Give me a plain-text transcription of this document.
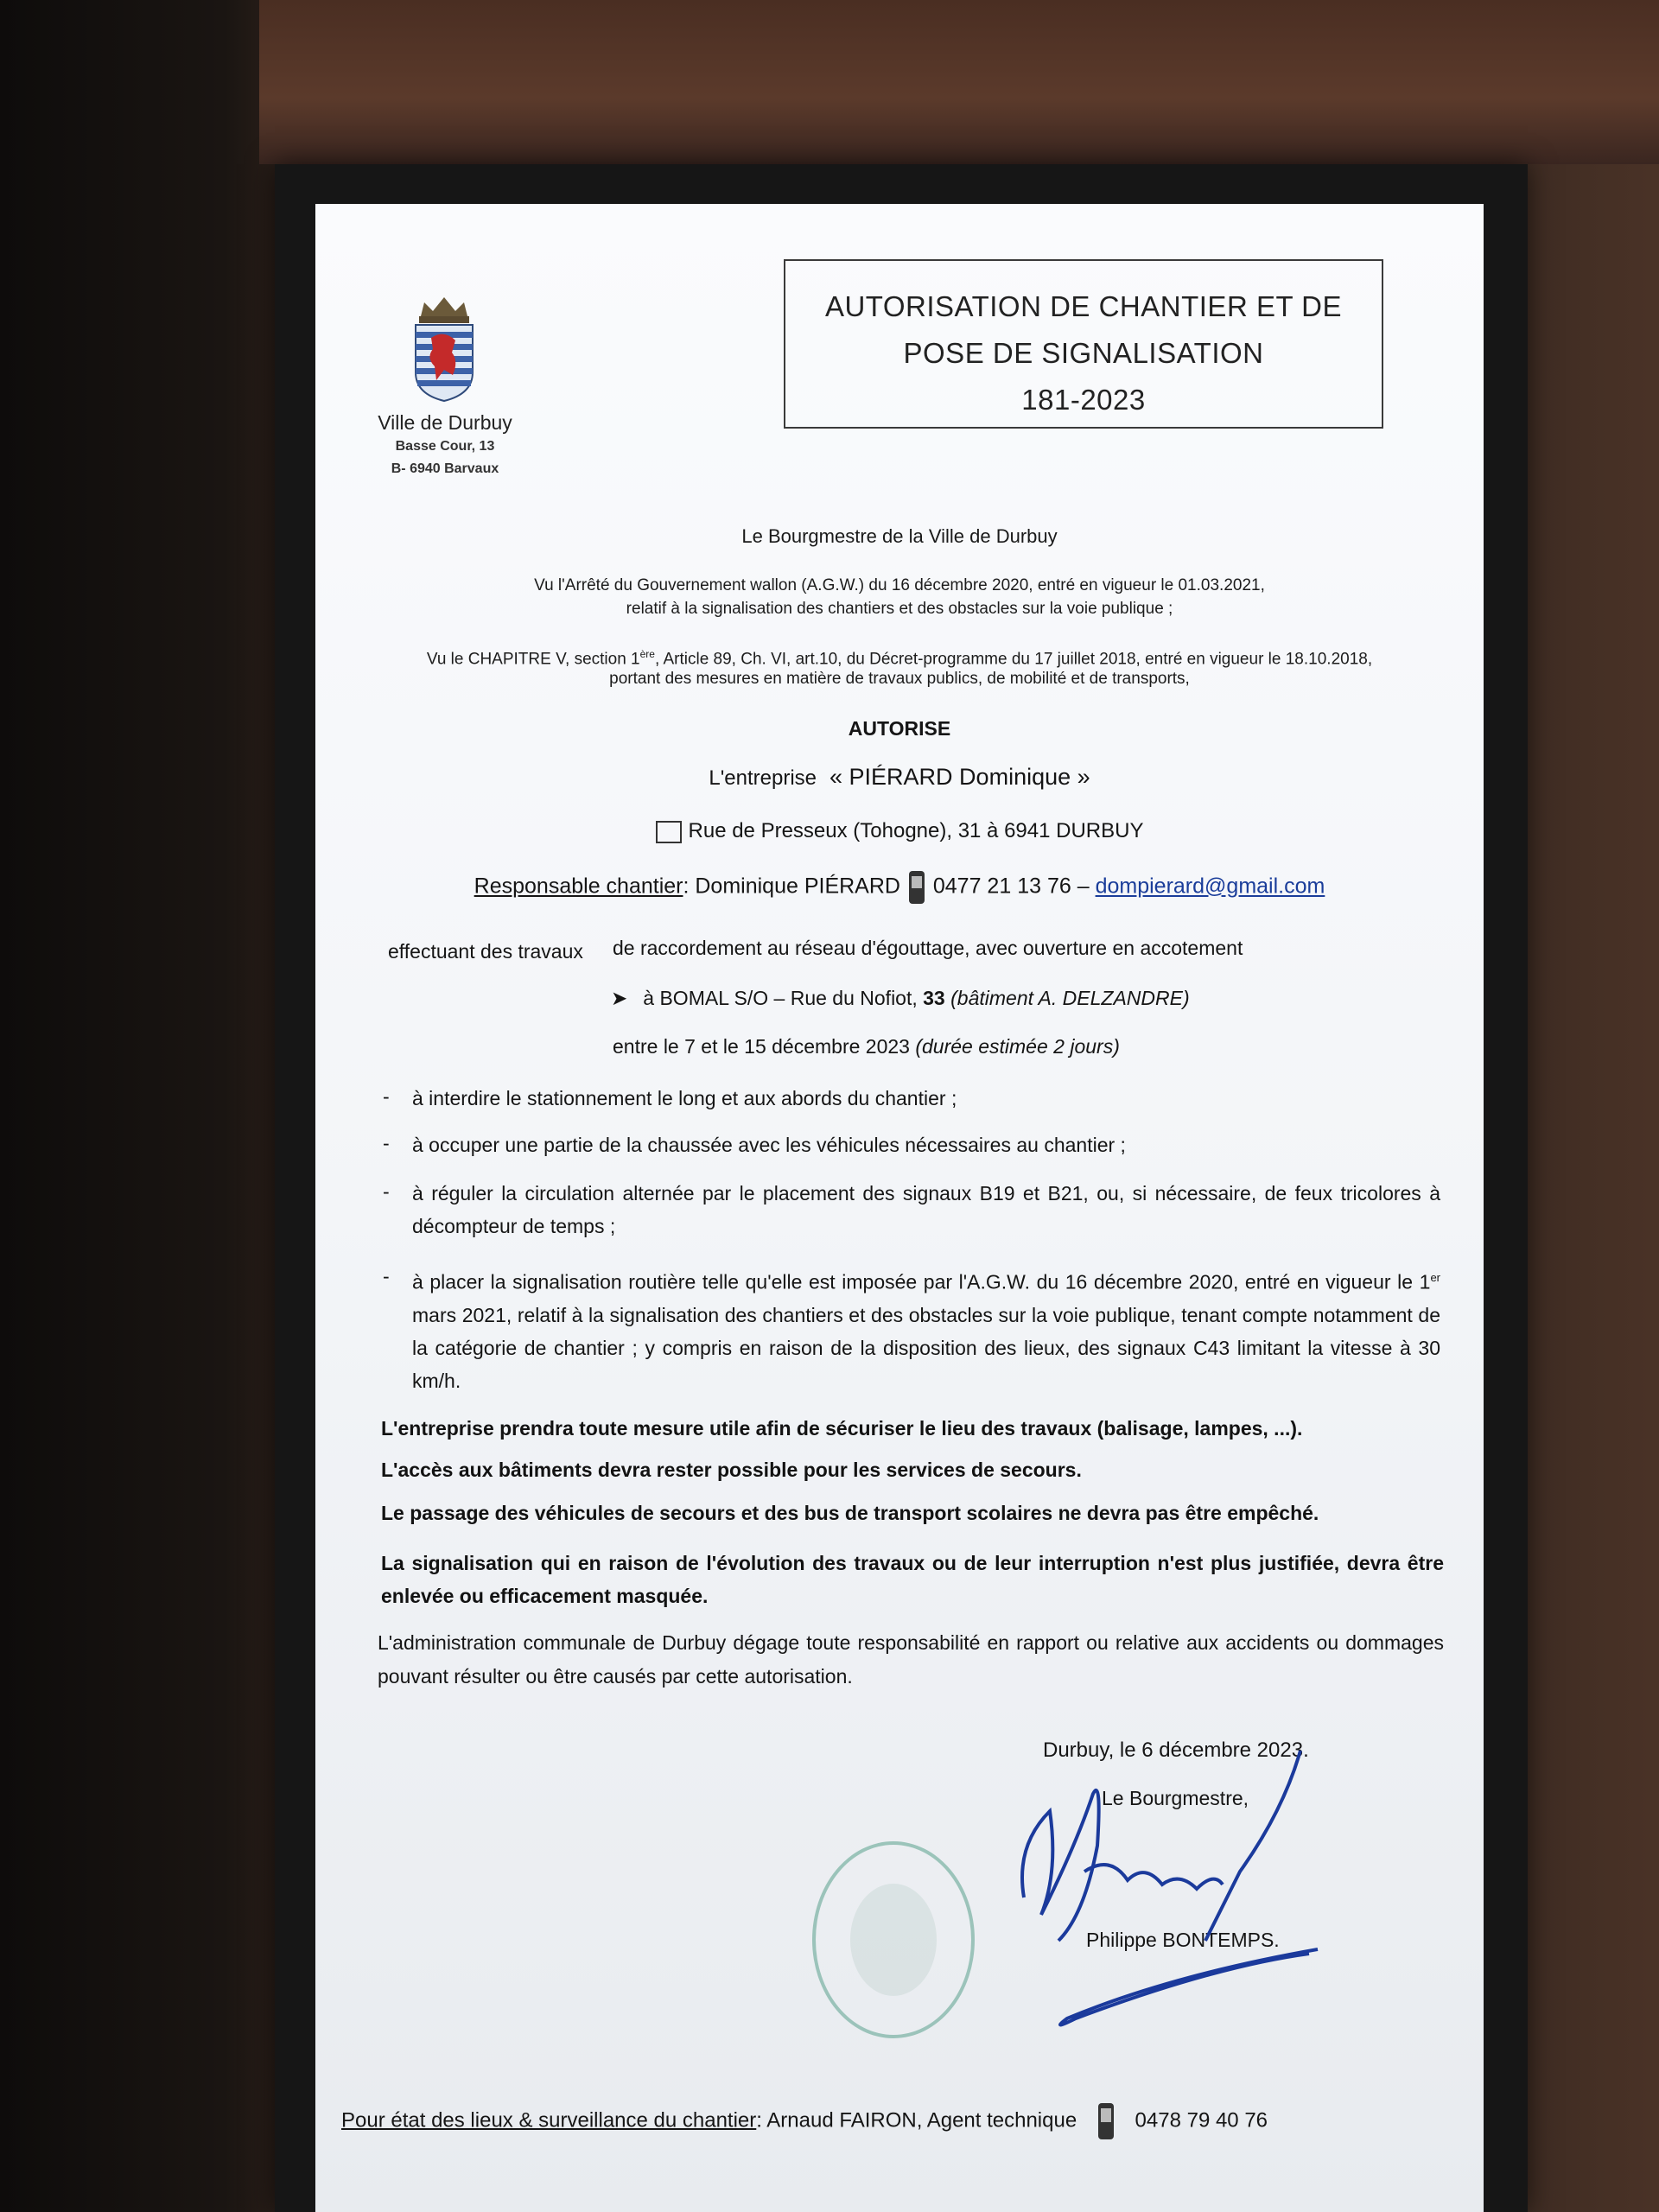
Ville de Durbuy
Basse Cour, 13
B- 6940 Barvaux
AUTORISATION DE CHANTIER ET DE
POSE DE SIGNALISATION
181-2023
Le Bourgmestre de la Ville de Durbuy
Vu l'Arrêté du Gouvernement wallon (A.G.W.) du 16 décembre 2020, entré en vigueur le 01.03.2021,
relatif à la signalisation des chantiers et des obstacles sur la voie publique ;
Vu le CHAPITRE V, section 1ère, Article 89, Ch. VI, art.10, du Décret-programme du 17 juillet 2018, entré en vigueur le 18.10.2018,
portant des mesures en matière de travaux publics, de mobilité et de transports,
AUTORISE
L'entreprise « PIÉRARD Dominique »
Rue de Presseux (Tohogne), 31 à 6941 DURBUY
Responsable chantier: Dominique PIÉRARD 0477 21 13 76 – dompierard@gmail.com
effectuant des travaux de raccordement au réseau d'égouttage, avec ouverture en accotement
➤ à BOMAL S/O – Rue du Nofiot, 33 (bâtiment A. DELZANDRE)
entre le 7 et le 15 décembre 2023 (durée estimée 2 jours)
- à interdire le stationnement le long et aux abords du chantier ;
- à occuper une partie de la chaussée avec les véhicules nécessaires au chantier ;
- à réguler la circulation alternée par le placement des signaux B19 et B21, ou, si nécessaire, de feux tricolores à décompteur de temps ;
- à placer la signalisation routière telle qu'elle est imposée par l'A.G.W. du 16 décembre 2020, entré en vigueur le 1er mars 2021, relatif à la signalisation des chantiers et des obstacles sur la voie publique, tenant compte notamment de la catégorie de chantier ; y compris en raison de la disposition des lieux, des signaux C43 limitant la vitesse à 30 km/h.
L'entreprise prendra toute mesure utile afin de sécuriser le lieu des travaux (balisage, lampes, ...).
L'accès aux bâtiments devra rester possible pour les services de secours.
Le passage des véhicules de secours et des bus de transport scolaires ne devra pas être empêché.
La signalisation qui en raison de l'évolution des travaux ou de leur interruption n'est plus justifiée, devra être enlevée ou efficacement masquée.
L'administration communale de Durbuy dégage toute responsabilité en rapport ou relative aux accidents ou dommages pouvant résulter ou être causés par cette autorisation.
Durbuy, le 6 décembre 2023.
Le Bourgmestre,
Philippe BONTEMPS.
Pour état des lieux & surveillance du chantier: Arnaud FAIRON, Agent technique	0478 79 40 76
